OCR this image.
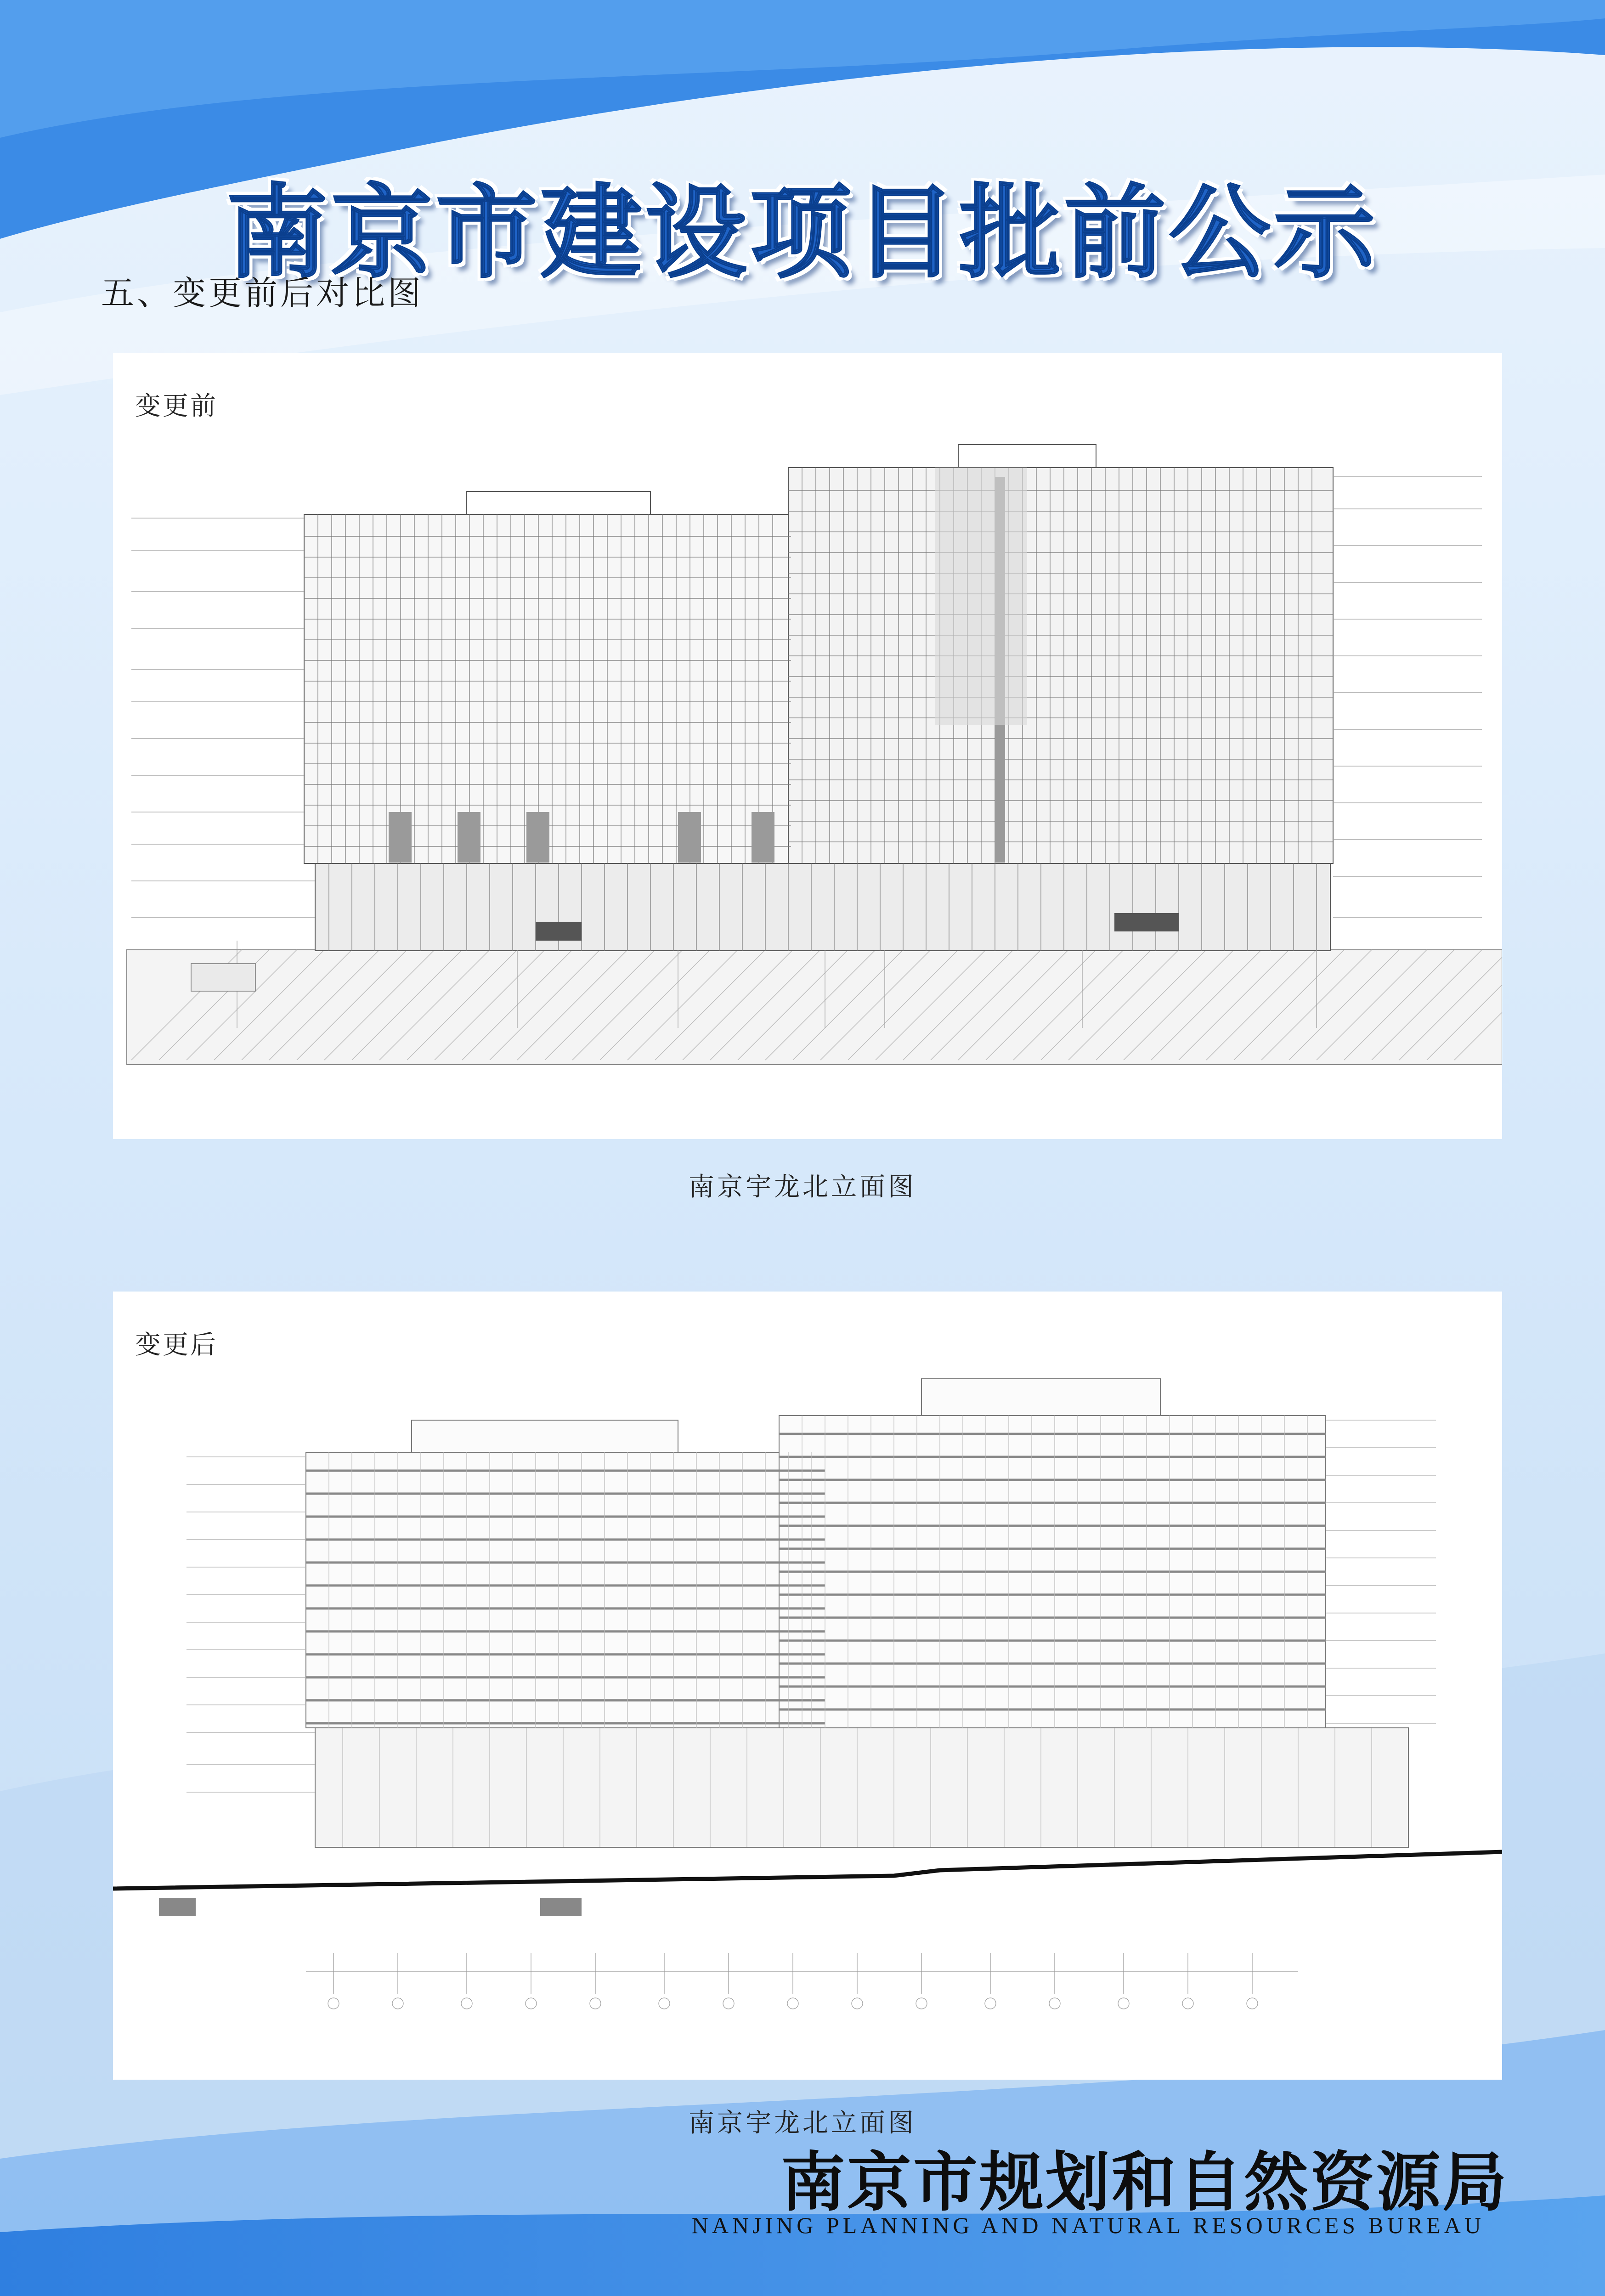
南京市建设项目批前公示
五、变更前后对比图
变更前
南京宇龙北立面图
变更后
南京宇龙北立面图
南京市规划和自然资源局
NANJING PLANNING AND NATURAL RESOURCES BUREAU
